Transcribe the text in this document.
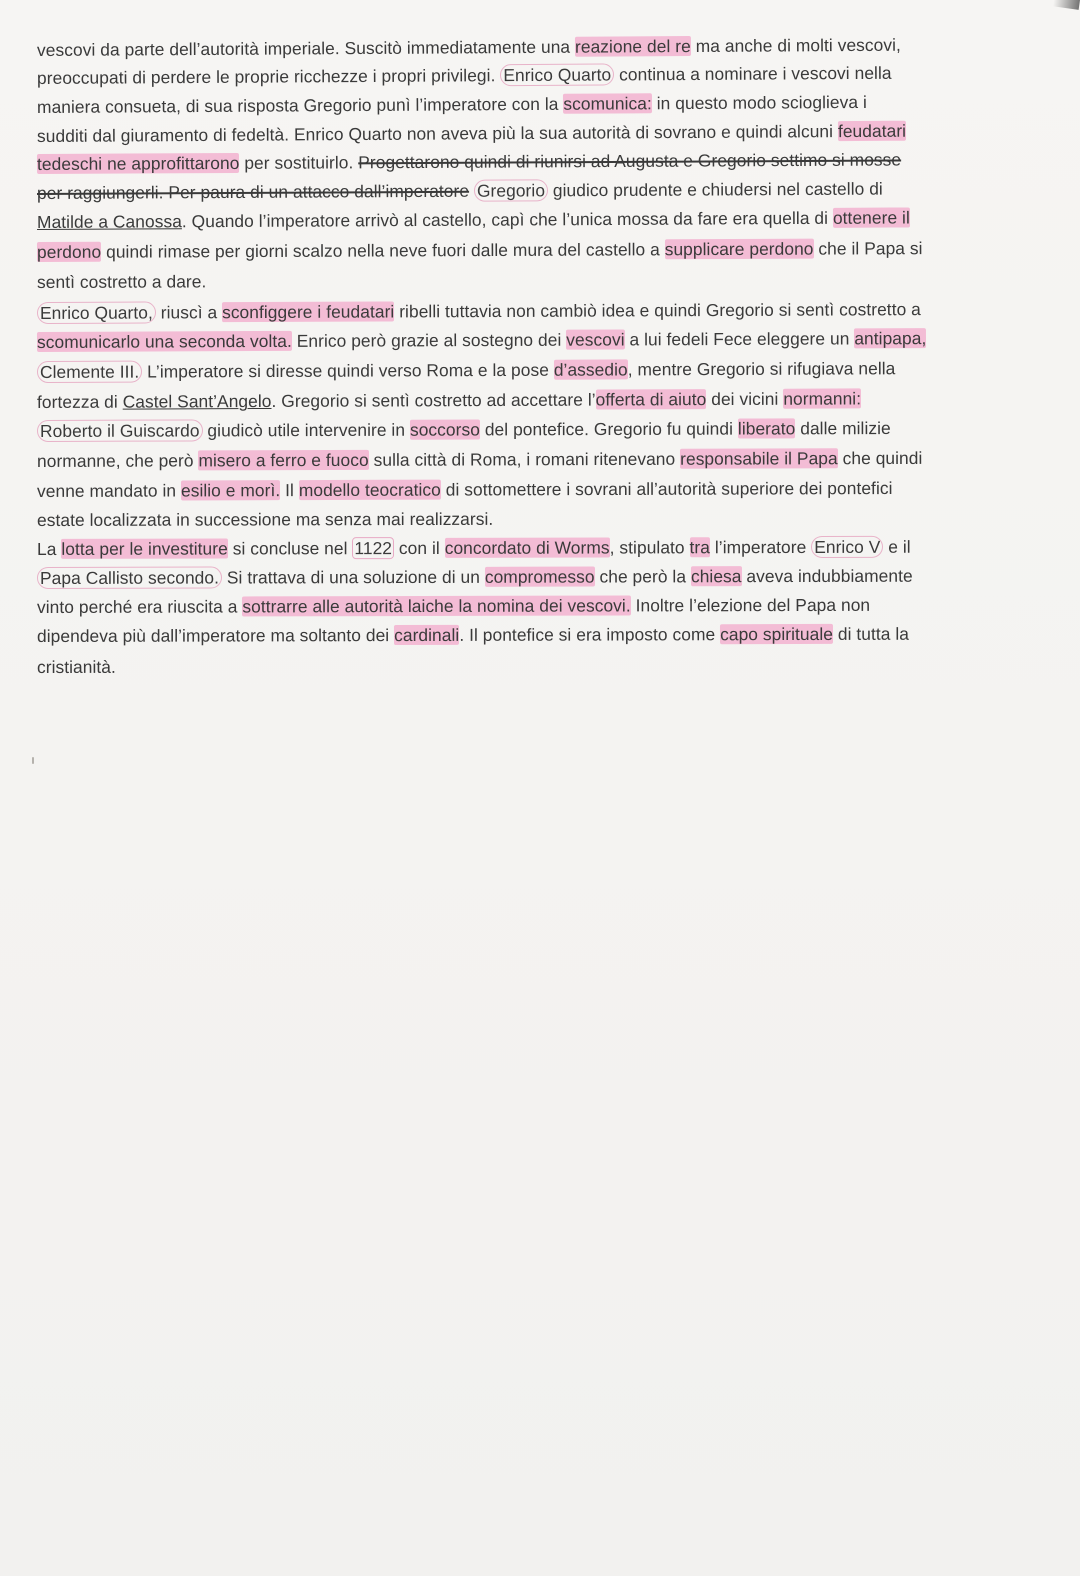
vescovi da parte dell’autorità imperiale. Suscitò immediatamente una reazione del re ma anche di molti vescovi,
preoccupati di perdere le proprie ricchezze i propri privilegi. Enrico Quarto continua a nominare i vescovi nella
maniera consueta, di sua risposta Gregorio punì l’imperatore con la scomunica: in questo modo scioglieva i
sudditi dal giuramento di fedeltà. Enrico Quarto non aveva più la sua autorità di sovrano e quindi alcuni feudatari
tedeschi ne approfittarono per sostituirlo. Progettarono quindi di riunirsi ad Augusta e Gregorio settimo si mosse
per raggiungerli. Per paura di un attacco dall’imperatore Gregorio giudico prudente e chiudersi nel castello di
Matilde a Canossa. Quando l’imperatore arrivò al castello, capì che l’unica mossa da fare era quella di ottenere il
perdono quindi rimase per giorni scalzo nella neve fuori dalle mura del castello a supplicare perdono che il Papa si
sentì costretto a dare.
Enrico Quarto, riuscì a sconfiggere i feudatari ribelli tuttavia non cambiò idea e quindi Gregorio si sentì costretto a
scomunicarlo una seconda volta. Enrico però grazie al sostegno dei vescovi a lui fedeli Fece eleggere un antipapa,
Clemente III. L’imperatore si diresse quindi verso Roma e la pose d’assedio, mentre Gregorio si rifugiava nella
fortezza di Castel Sant’Angelo. Gregorio si sentì costretto ad accettare l’offerta di aiuto dei vicini normanni:
Roberto il Guiscardo giudicò utile intervenire in soccorso del pontefice. Gregorio fu quindi liberato dalle milizie
normanne, che però misero a ferro e fuoco sulla città di Roma, i romani ritenevano responsabile il Papa che quindi
venne mandato in esilio e morì. Il modello teocratico di sottomettere i sovrani all’autorità superiore dei pontefici
estate localizzata in successione ma senza mai realizzarsi.
La lotta per le investiture si concluse nel 1122 con il concordato di Worms, stipulato tra l’imperatore Enrico V e il
Papa Callisto secondo. Si trattava di una soluzione di un compromesso che però la chiesa aveva indubbiamente
vinto perché era riuscita a sottrarre alle autorità laiche la nomina dei vescovi. Inoltre l’elezione del Papa non
dipendeva più dall’imperatore ma soltanto dei cardinali. Il pontefice si era imposto come capo spirituale di tutta la
cristianità.
